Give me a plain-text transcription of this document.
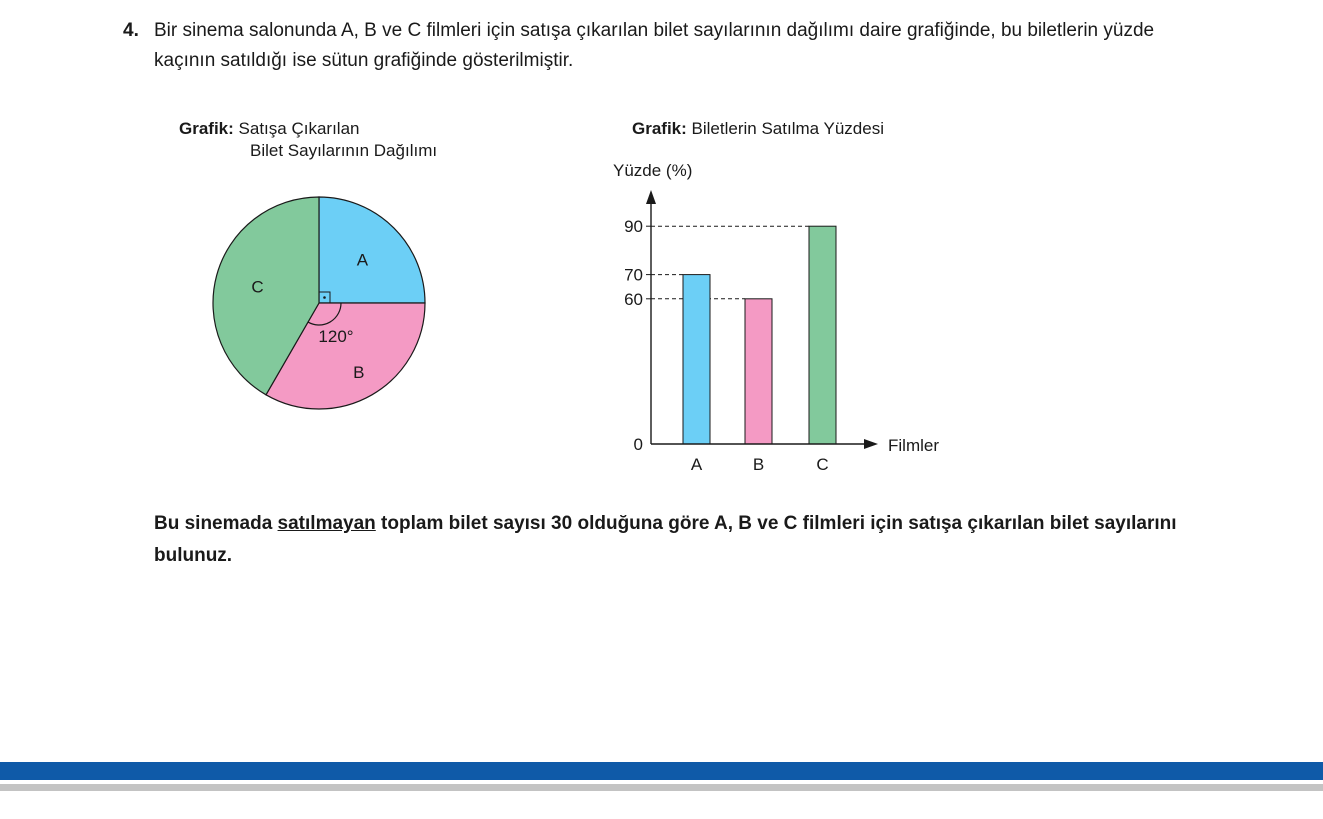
4. Bir sinema salonunda A, B ve C filmleri için satışa çıkarılan bilet sayılarının dağılımı daire grafiğinde, bu biletlerin yüzde kaçının satıldığı ise sütun grafiğinde gösterilmiştir.
Grafik: Satışa Çıkarılan
Bilet Sayılarının Dağılımı
Grafik: Biletlerin Satılma Yüzdesi
A
B
C
120°
A	B	C
0
60
70
90
Yüzde (%)
Filmler
Bu sinemada satılmayan toplam bilet sayısı 30 olduğuna göre A, B ve C filmleri için satışa çıkarılan bilet sayılarını bulunuz.
